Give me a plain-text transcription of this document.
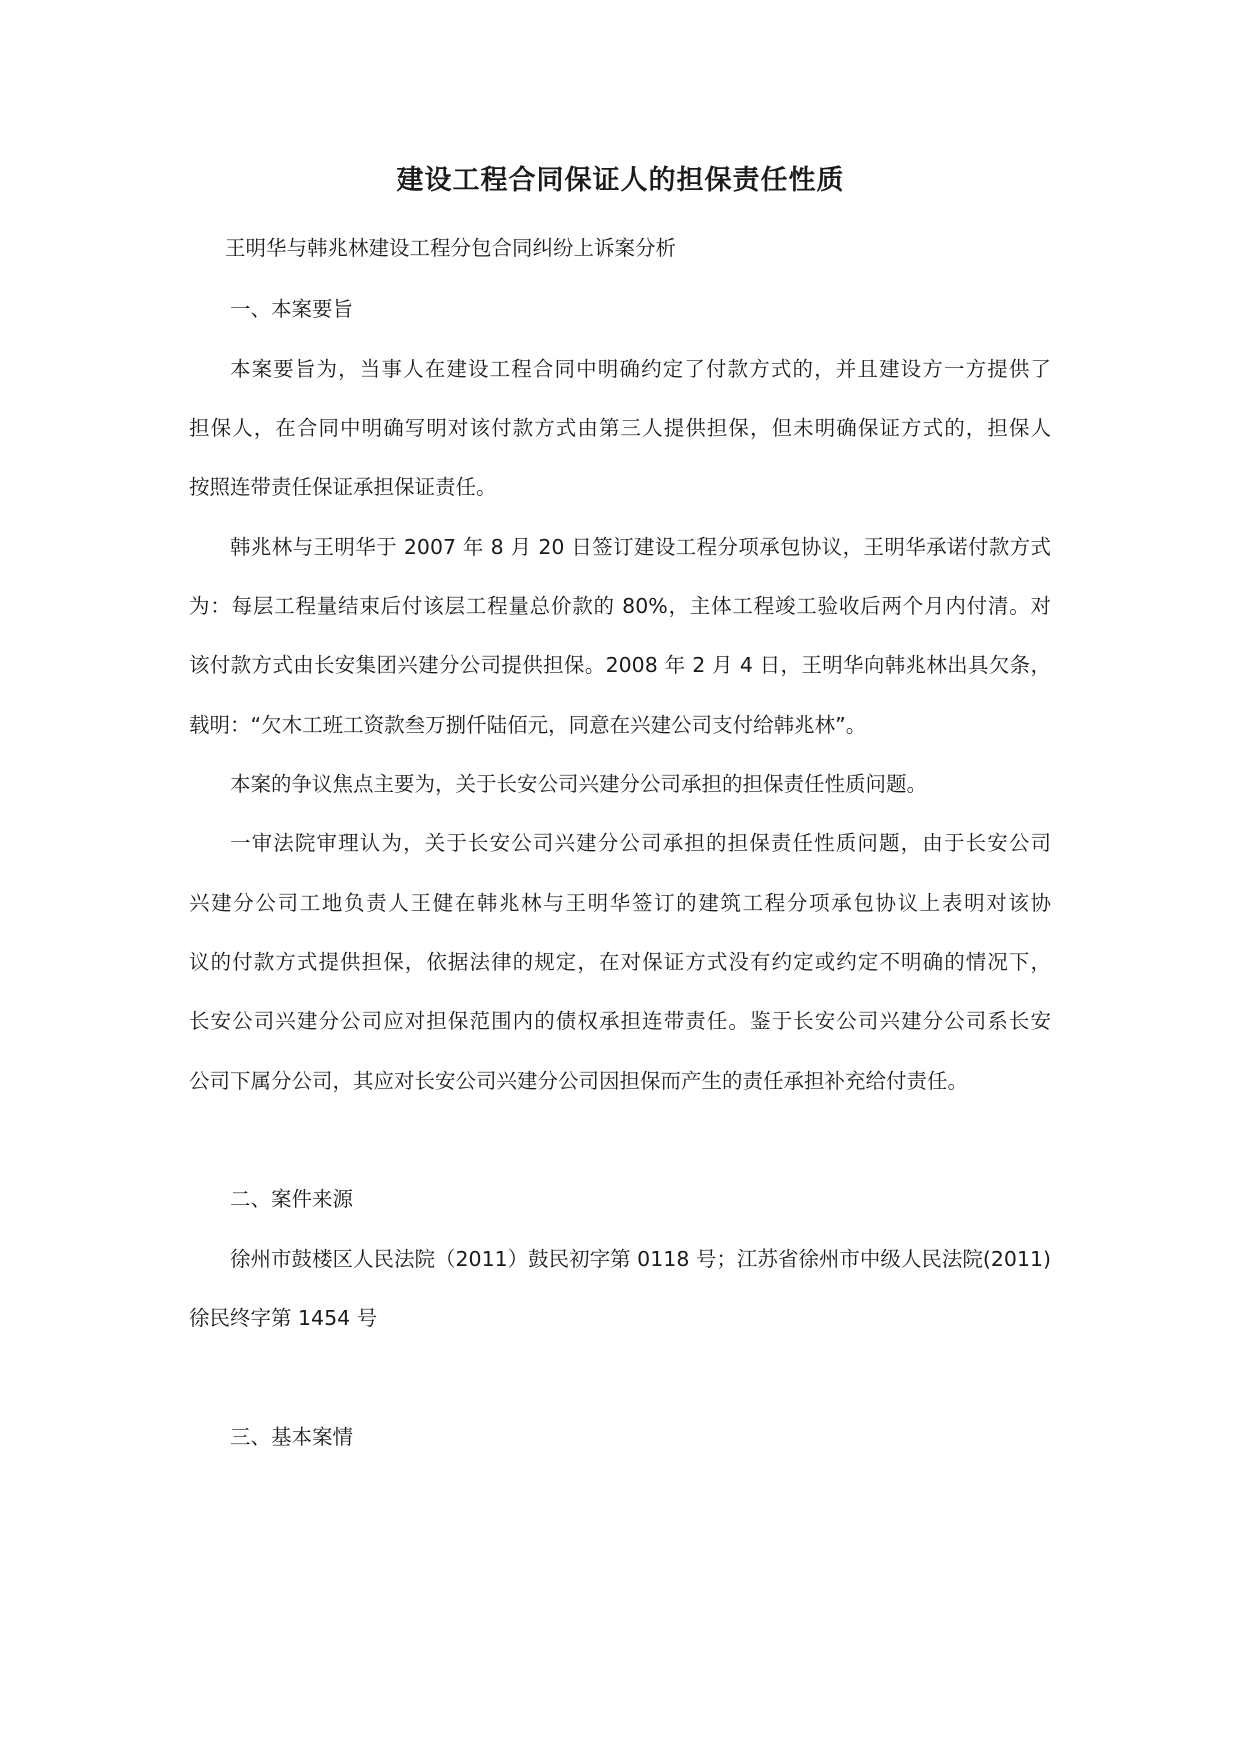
建设工程合同保证人的担保责任性质
王明华与韩兆林建设工程分包合同纠纷上诉案分析
一、本案要旨
本案要旨为，当事人在建设工程合同中明确约定了付款方式的，并且建设方一方提供了
担保人，在合同中明确写明对该付款方式由第三人提供担保，但未明确保证方式的，担保人
按照连带责任保证承担保证责任。
韩兆林与王明华于 2007 年 8 月 20 日签订建设工程分项承包协议，王明华承诺付款方式
为：每层工程量结束后付该层工程量总价款的 80%，主体工程竣工验收后两个月内付清。对
该付款方式由长安集团兴建分公司提供担保。2008 年 2 月 4 日，王明华向韩兆林出具欠条，
载明：“欠木工班工资款叁万捌仟陆佰元，同意在兴建公司支付给韩兆林”。
本案的争议焦点主要为，关于长安公司兴建分公司承担的担保责任性质问题。
一审法院审理认为，关于长安公司兴建分公司承担的担保责任性质问题，由于长安公司
兴建分公司工地负责人王健在韩兆林与王明华签订的建筑工程分项承包协议上表明对该协
议的付款方式提供担保，依据法律的规定，在对保证方式没有约定或约定不明确的情况下，
长安公司兴建分公司应对担保范围内的债权承担连带责任。鉴于长安公司兴建分公司系长安
公司下属分公司，其应对长安公司兴建分公司因担保而产生的责任承担补充给付责任。
二、案件来源
徐州市鼓楼区人民法院（2011）鼓民初字第 0118 号；江苏省徐州市中级人民法院(2011)
徐民终字第 1454 号
三、基本案情
